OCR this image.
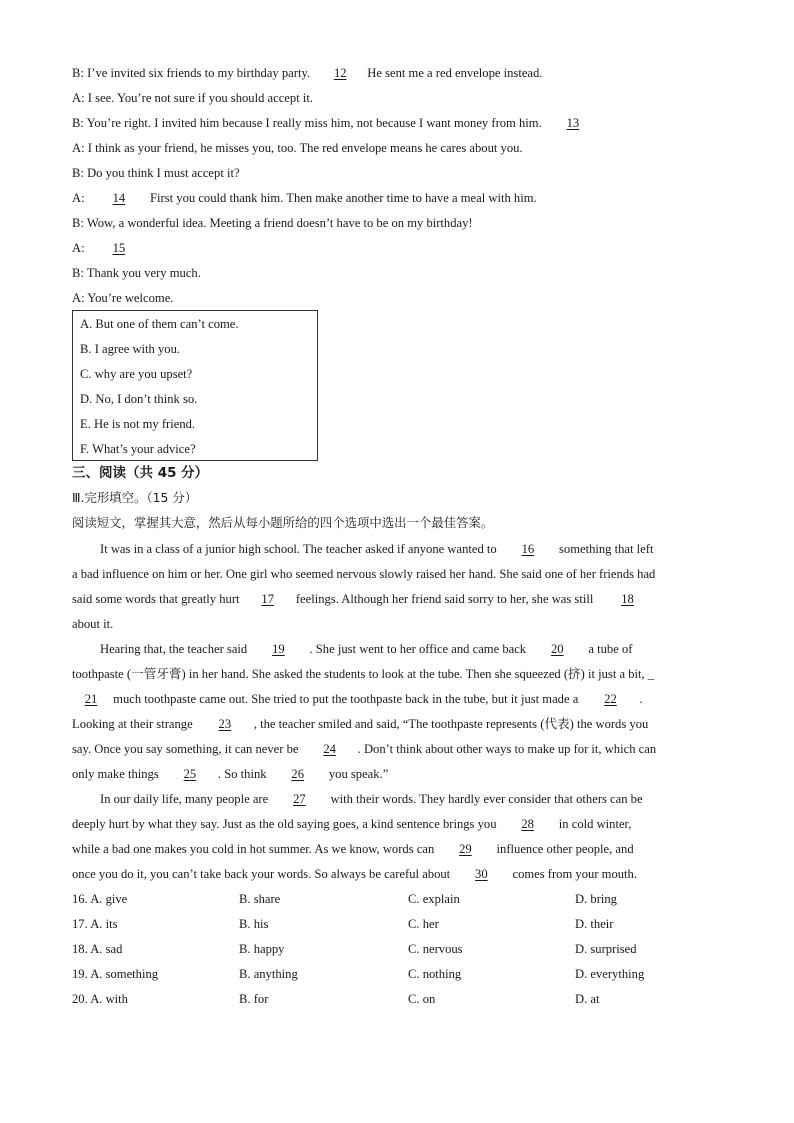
B: I’ve invited six friends to my birthday party. 12 He sent me a red envelope instead.
A: I see. You’re not sure if you should accept it.
B: You’re right. I invited him because I really miss him, not because I want money from him. 13
A: I think as your friend, he misses you, too. The red envelope means he cares about you.
B: Do you think I must accept it?
A: 14 First you could thank him. Then make another time to have a meal with him.
B: Wow, a wonderful idea. Meeting a friend doesn’t have to be on my birthday!
A: 15
B: Thank you very much.
A: You’re welcome.
A. But one of them can’t come.
B. I agree with you.
C. why are you upset?
D. No, I don’t think so.
E. He is not my friend.
F. What’s your advice?
三、阅读（共 45 分）
Ⅲ.完形填空。（15 分）
阅读短文，掌握其大意，然后从每小题所给的四个选项中选出一个最佳答案。
It was in a class of a junior high school. The teacher asked if anyone wanted to 16 something that left
a bad influence on him or her. One girl who seemed nervous slowly raised her hand. She said one of her friends had
said some words that greatly hurt 17 feelings. Although her friend said sorry to her, she was still 18
about it.
Hearing that, the teacher said 19 . She just went to her office and came back 20 a tube of
toothpaste (一管牙膏) in her hand. She asked the students to look at the tube. Then she squeezed (挤) it just a bit, _
21 much toothpaste came out. She tried to put the toothpaste back in the tube, but it just made a 22 .
Looking at their strange 23 , the teacher smiled and said, “The toothpaste represents (代表) the words you
say. Once you say something, it can never be 24 . Don’t think about other ways to make up for it, which can
only make things 25 . So think 26 you speak.”
In our daily life, many people are 27 with their words. They hardly ever consider that others can be
deeply hurt by what they say. Just as the old saying goes, a kind sentence brings you 28 in cold winter,
while a bad one makes you cold in hot summer. As we know, words can 29 influence other people, and
once you do it, you can’t take back your words. So always be careful about 30 comes from your mouth.
16. A. give	B. share	C. explain	D. bring
17. A. its	B. his	C. her	D. their
18. A. sad	B. happy	C. nervous	D. surprised
19. A. something	B. anything	C. nothing	D. everything
20. A. with	B. for	C. on	D. at
